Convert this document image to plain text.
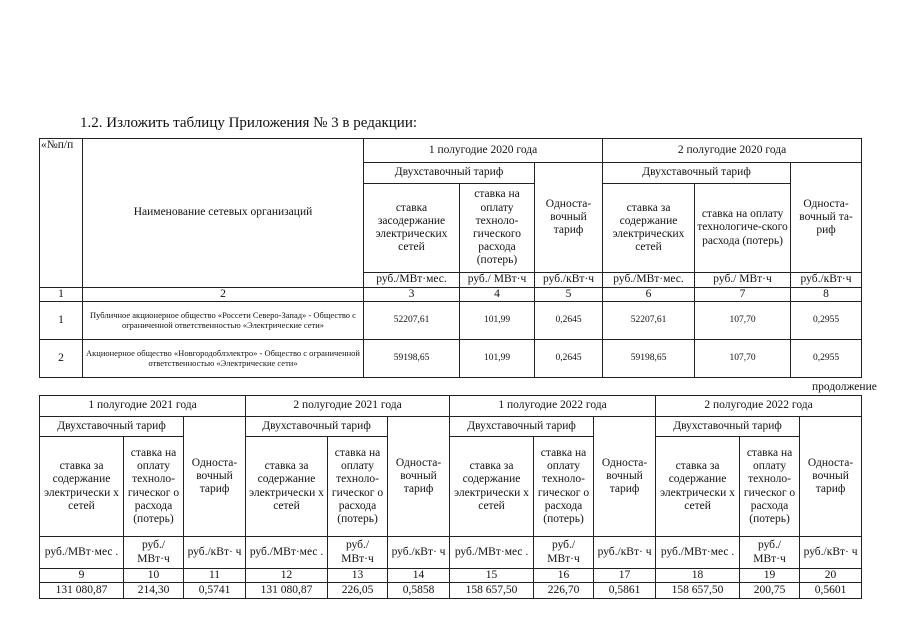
1.2. Изложить таблицу Приложения № 3 в редакции:
«№п/п	Наименование сетевых организаций	1 полугодие 2020 года			2 полугодие 2020 года		
		Двухставочный тариф		Односта-вочный тариф	Двухставочный тариф		Односта-вочный та-риф
		ставка засодержание электрических сетей	ставка на оплату техноло-гического расхода (потерь)		ставка за содержание электрических сетей	ставка на оплату технологиче-ского расхода (потерь)	
		руб./МВт·мес.	руб./ МВт·ч	руб./кВт·ч	руб./МВт·мес.	руб./ МВт·ч	руб./кВт·ч
1	2	3	4	5	6	7	8
1	Публичное акционерное общество «Россети Северо-Запад» - Общество с ограниченной ответственностью «Электрические сети»	52207,61	101,99	0,2645	52207,61	107,70	0,2955
2	Акционерное общество «Новгородоблэлектро» - Общество с ограниченной ответственностью «Электрические сети»	59198,65	101,99	0,2645	59198,65	107,70	0,2955
продолжение
1 полугодие 2021 года			2 полугодие 2021 года			1 полугодие 2022 года			2 полугодие 2022 года		
Двухставочный тариф		Односта-вочный тариф	Двухставочный тариф		Односта-вочный тариф	Двухставочный тариф		Односта-вочный тариф	Двухставочный тариф		Односта-вочный тариф
ставка за содержание электрически х сетей	ставка на оплату техноло-гическог о расхода (потерь)		ставка за содержание электрически х сетей	ставка на оплату техноло-гическог о расхода (потерь)		ставка за содержание электрически х сетей	ставка на оплату техноло-гическог о расхода (потерь)		ставка за содержание электрически х сетей	ставка на оплату техноло-гическог о расхода (потерь)	
руб./МВт·мес .	руб./ МВт·ч	руб./кВт· ч	руб./МВт·мес .	руб./ МВт·ч	руб./кВт· ч	руб./МВт·мес .	руб./ МВт·ч	руб./кВт· ч	руб./МВт·мес .	руб./ МВт·ч	руб./кВт· ч
9	10	11	12	13	14	15	16	17	18	19	20
131 080,87	214,30	0,5741	131 080,87	226,05	0,5858	158 657,50	226,70	0,5861	158 657,50	200,75	0,5601
